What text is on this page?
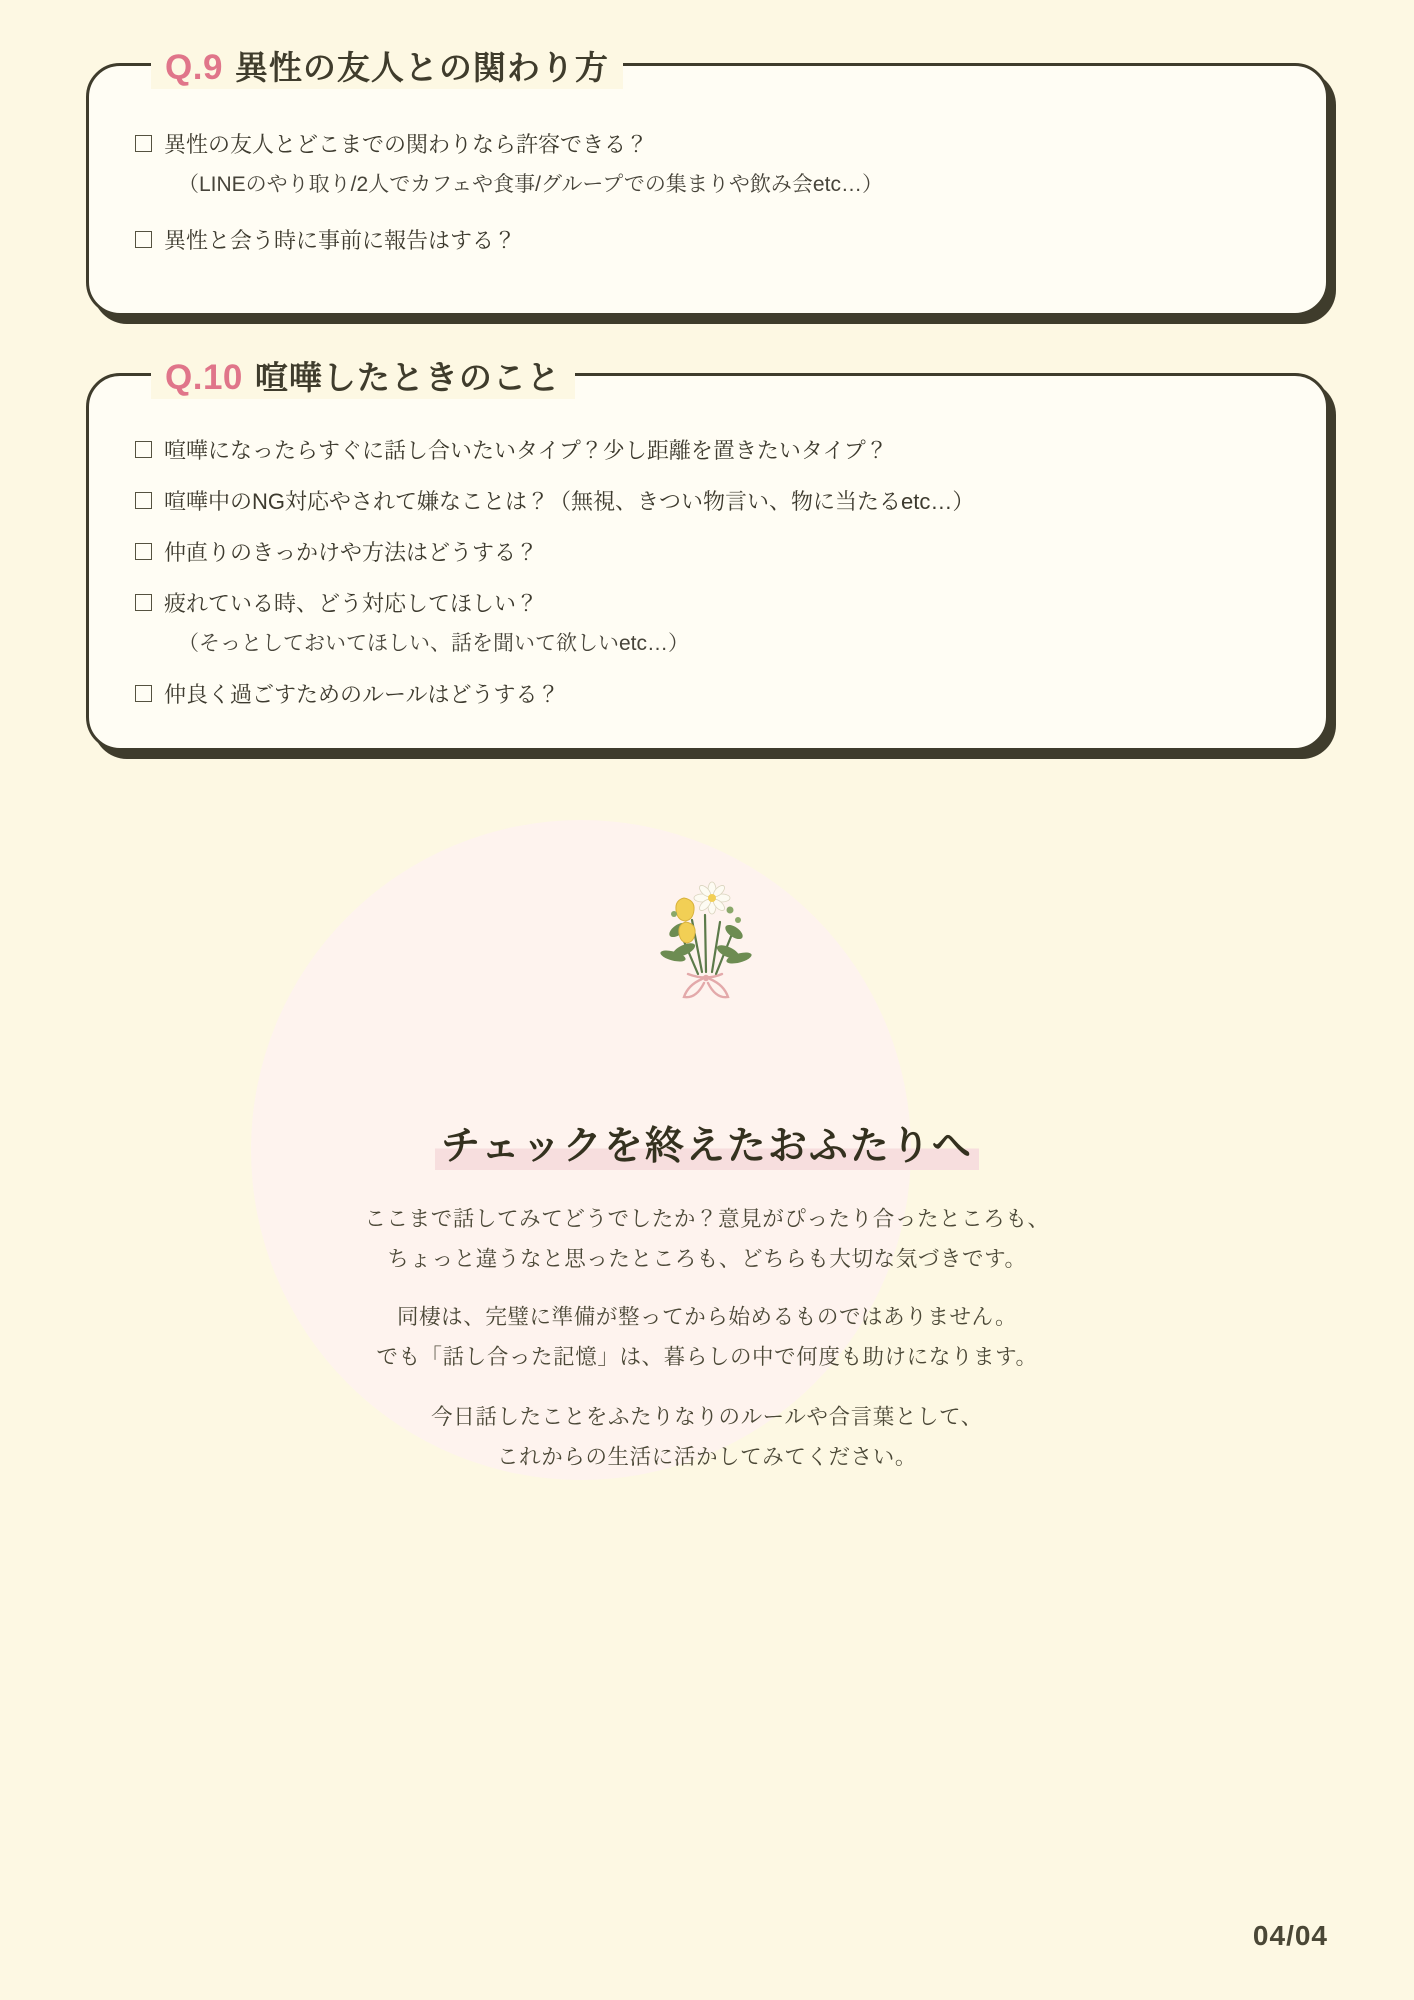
Q.9 異性の友人との関わり方
異性の友人とどこまでの関わりなら許容できる？
（LINEのやり取り/2人でカフェや食事/グループでの集まりや飲み会etc…）
異性と会う時に事前に報告はする？
Q.10 喧嘩したときのこと
喧嘩になったらすぐに話し合いたいタイプ？少し距離を置きたいタイプ？
喧嘩中のNG対応やされて嫌なことは？（無視、きつい物言い、物に当たるetc…）
仲直りのきっかけや方法はどうする？
疲れている時、どう対応してほしい？
（そっとしておいてほしい、話を聞いて欲しいetc…）
仲良く過ごすためのルールはどうする？
チェックを終えたおふたりへ
ここまで話してみてどうでしたか？意見がぴったり合ったところも、
ちょっと違うなと思ったところも、どちらも大切な気づきです。
同棲は、完璧に準備が整ってから始めるものではありません。
でも「話し合った記憶」は、暮らしの中で何度も助けになります。
今日話したことをふたりなりのルールや合言葉として、
これからの生活に活かしてみてください。
04/04
